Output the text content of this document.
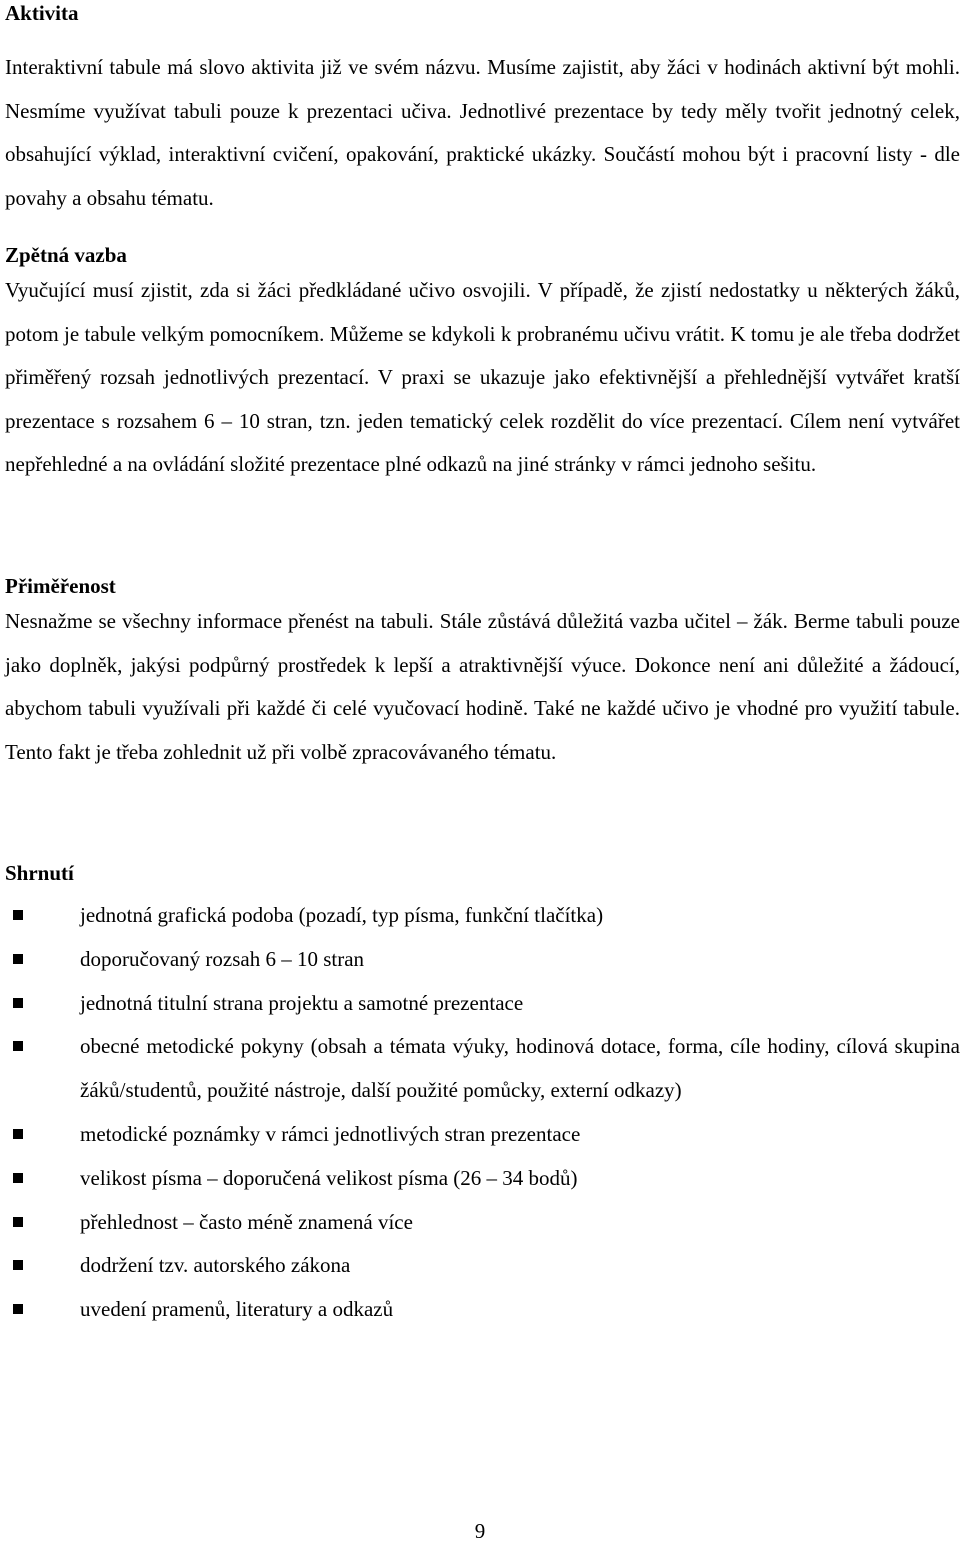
Aktivita

Interaktivní tabule má slovo aktivita již ve svém názvu. Musíme zajistit, aby žáci v hodinách aktivní být mohli. Nesmíme využívat tabuli pouze k prezentaci učiva. Jednotlivé prezentace by tedy měly tvořit jednotný celek, obsahující výklad, interaktivní cvičení, opakování, praktické ukázky. Součástí mohou být i pracovní listy - dle povahy a obsahu tématu.

Zpětná vazba

Vyučující musí zjistit, zda si žáci předkládané učivo osvojili. V případě, že zjistí nedostatky u některých žáků, potom je tabule velkým pomocníkem. Můžeme se kdykoli k probranému učivu vrátit. K tomu je ale třeba dodržet přiměřený rozsah jednotlivých prezentací. V praxi se ukazuje jako efektivnější a přehlednější vytvářet kratší prezentace s rozsahem 6 – 10 stran, tzn. jeden tematický celek rozdělit do více prezentací. Cílem není vytvářet nepřehledné a na ovládání složité prezentace plné odkazů na jiné stránky v rámci jednoho sešitu.

Přiměřenost

Nesnažme se všechny informace přenést na tabuli. Stále zůstává důležitá vazba učitel – žák. Berme tabuli pouze jako doplněk, jakýsi podpůrný prostředek k lepší a atraktivnější výuce. Dokonce není ani důležité a žádoucí, abychom tabuli využívali při každé či celé vyučovací hodině. Také ne každé učivo je vhodné pro využití tabule. Tento fakt je třeba zohlednit už při volbě zpracovávaného tématu.

Shrnutí
jednotná grafická podoba (pozadí, typ písma, funkční tlačítka)
doporučovaný rozsah 6 – 10 stran
jednotná titulní strana projektu a samotné prezentace
obecné metodické pokyny (obsah a témata výuky, hodinová dotace, forma, cíle hodiny, cílová skupina žáků/studentů, použité nástroje, další použité pomůcky, externí odkazy)
metodické poznámky v rámci jednotlivých stran prezentace
velikost písma – doporučená velikost písma (26 – 34 bodů)
přehlednost – často méně znamená více
dodržení tzv. autorského zákona
uvedení pramenů, literatury a odkazů
9
